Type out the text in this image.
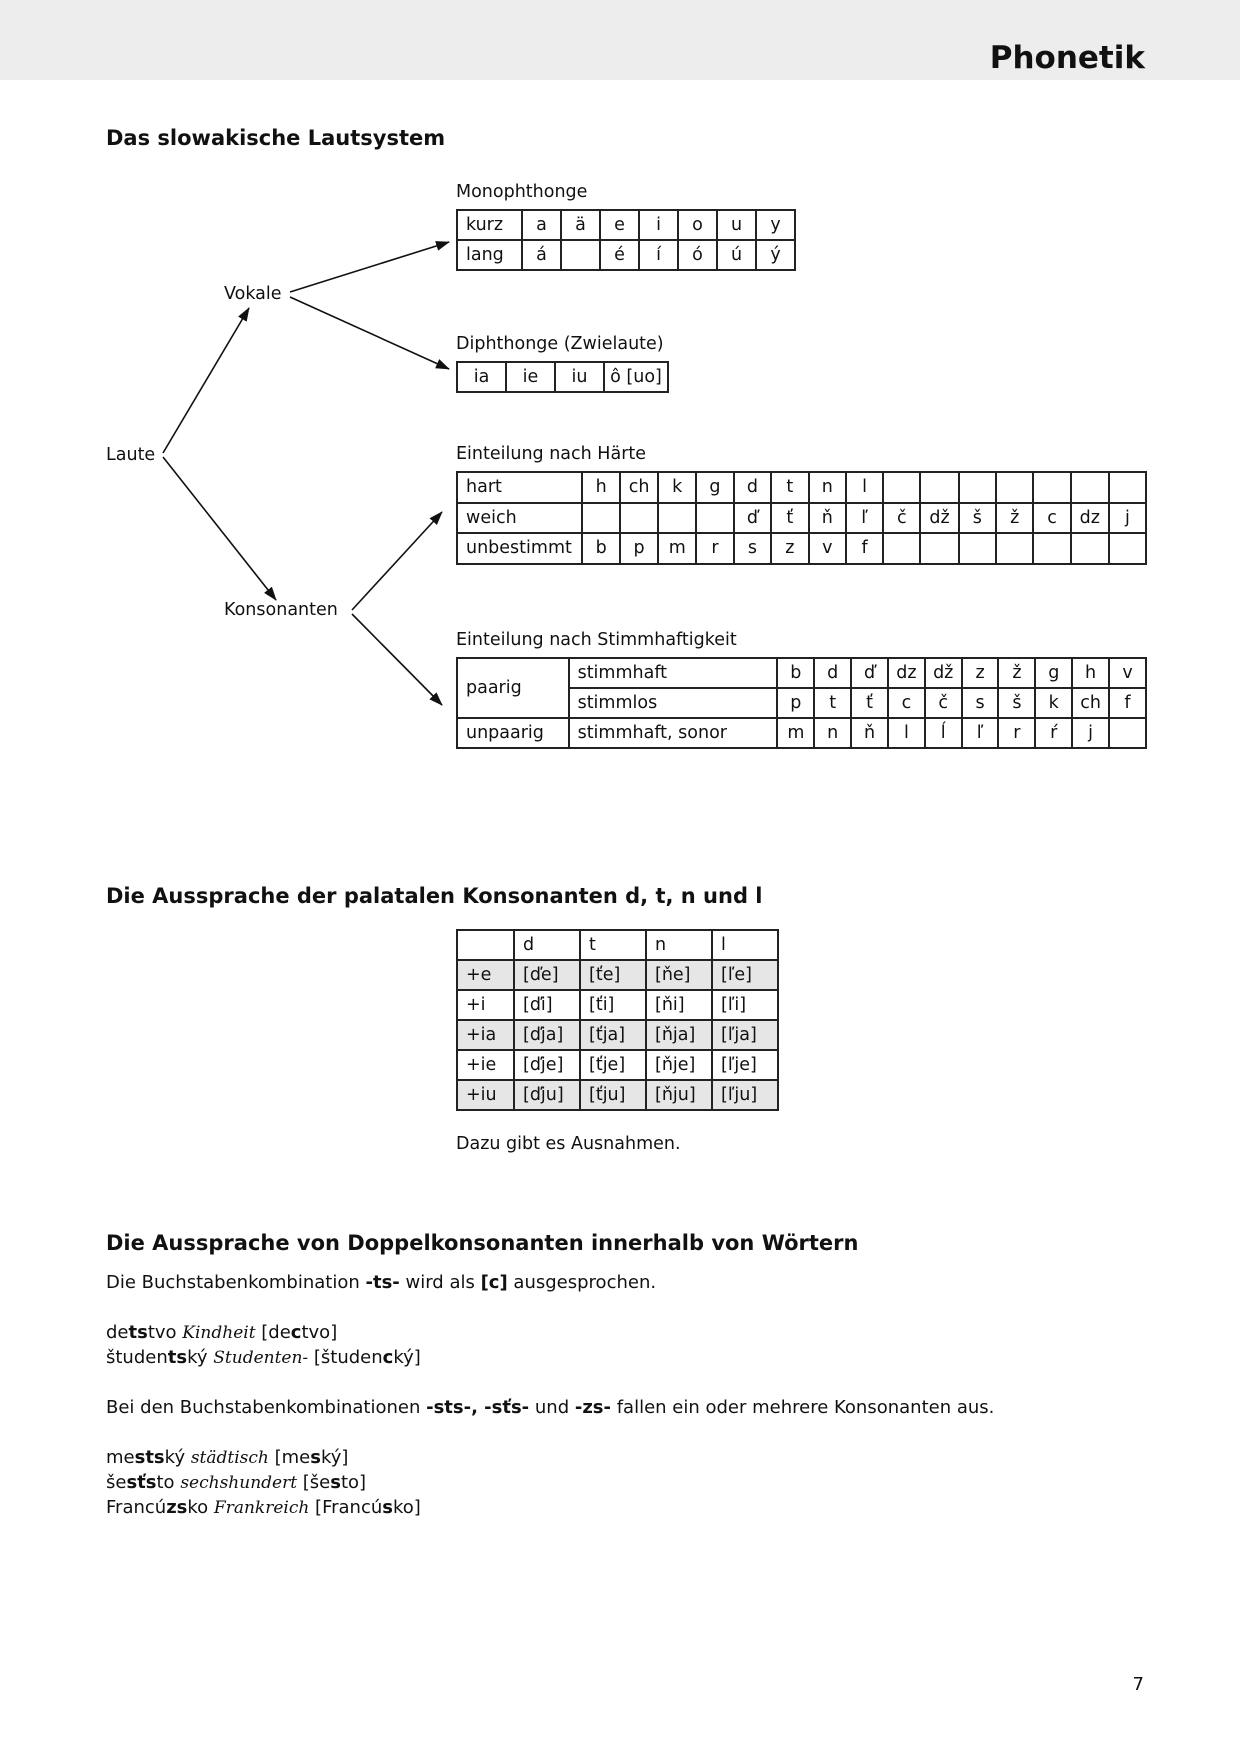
Phonetik
Das slowakische Lautsystem
Laute
Vokale
Konsonanten
Monophthonge
kurz	a	ä	e	i	o	u	y
lang	á		é	í	ó	ú	ý
Diphthonge (Zwielaute)
ia	ie	iu	ô [uo]
Einteilung nach Härte
hart	h	ch	k	g	d	t	n	l							
weich					ď	ť	ň	ľ	č	dž	š	ž	c	dz	j
unbestimmt	b	p	m	r	s	z	v	f							
Einteilung nach Stimmhaftigkeit
paarig	stimmhaft	b	d	ď	dz	dž	z	ž	g	h	v
	stimmlos	p	t	ť	c	č	s	š	k	ch	f
unpaarig	stimmhaft, sonor	m	n	ň	l	ĺ	ľ	r	ŕ	j	
Die Aussprache der palatalen Konsonanten d, t, n und l
	d	t	n	l
+e	[ďe]	[ťe]	[ňe]	[ľe]
+i	[ďi]	[ťi]	[ňi]	[ľi]
+ia	[ďja]	[ťja]	[ňja]	[ľja]
+ie	[ďje]	[ťje]	[ňje]	[ľje]
+iu	[ďju]	[ťju]	[ňju]	[ľju]
Dazu gibt es Ausnahmen.
Die Aussprache von Doppelkonsonanten innerhalb von Wörtern
Die Buchstabenkombination -ts- wird als [c] ausgesprochen.
detstvo Kindheit [dectvo]
študentský Studenten- [študencký]
Bei den Buchstabenkombinationen -sts-, -sťs- und -zs- fallen ein oder mehrere Konsonanten aus.
mestský städtisch [meský]
šesťsto sechshundert [šesto]
Francúzsko Frankreich [Francúsko]
7
